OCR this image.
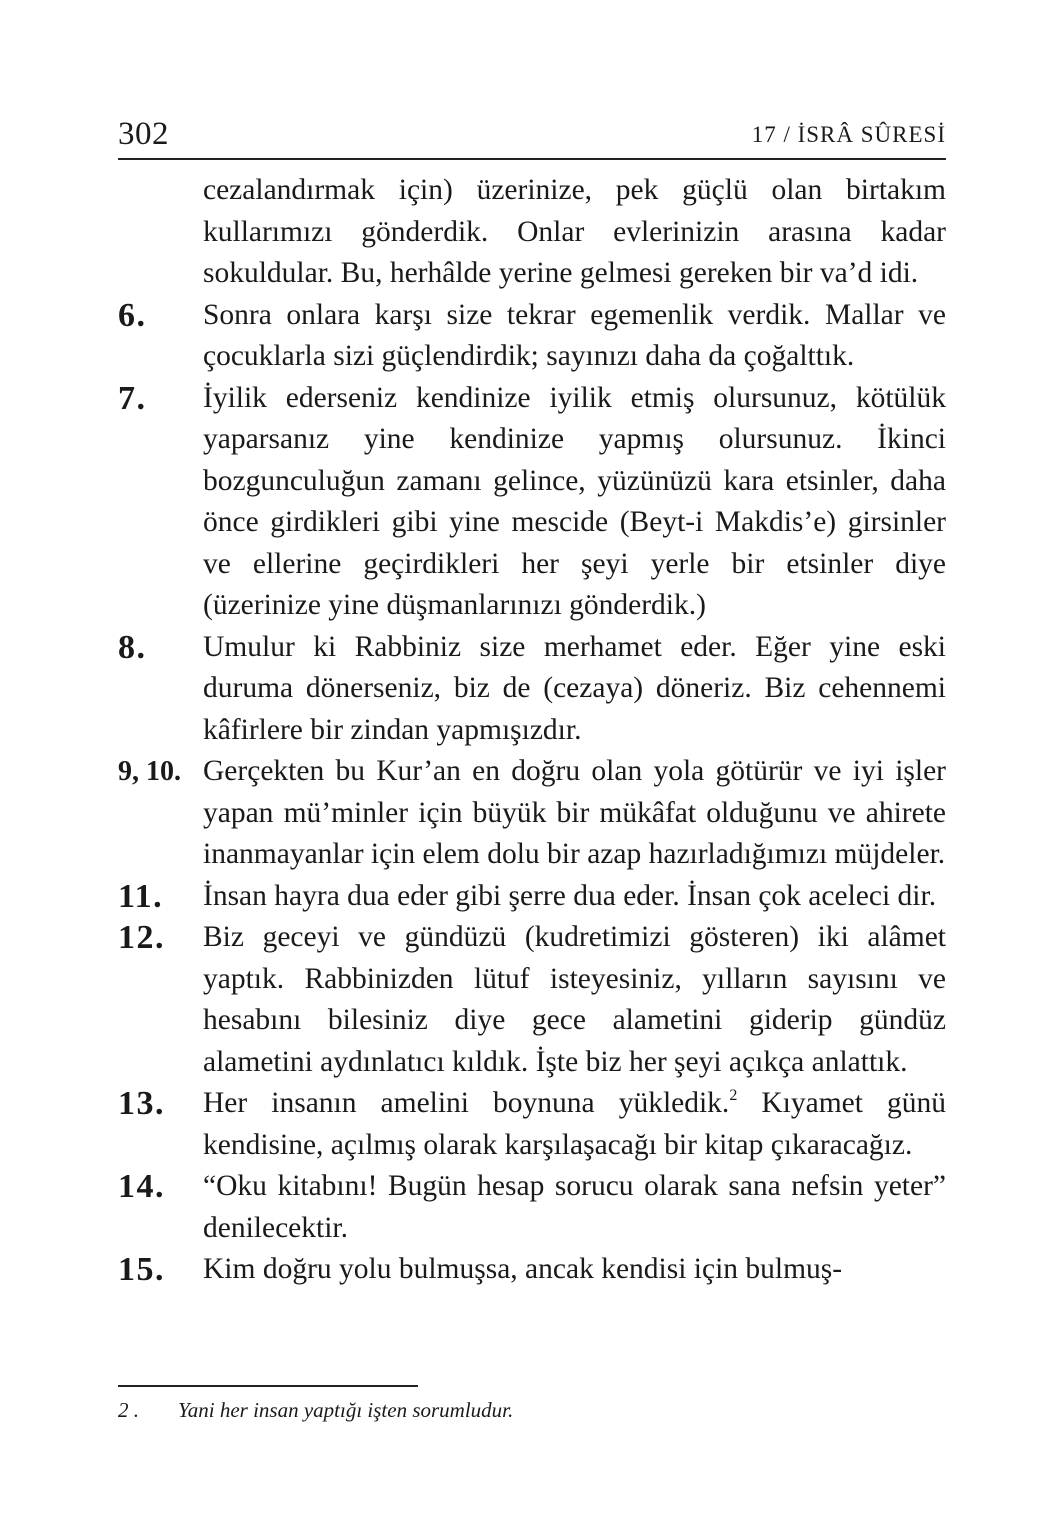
302	17 / İSRÂ SÛRESİ

cezalandırmak için) üzerinize, pek güçlü olan birtakım kullarımızı gönderdik. Onlar evlerinizin arasına kadar sokuldular. Bu, herhâlde yerine gelmesi gereken bir va’d idi.

6. Sonra onlara karşı size tekrar egemenlik verdik. Mallar ve çocuklarla sizi güçlendirdik; sayınızı daha da çoğalttık.

7. İyilik ederseniz kendinize iyilik etmiş olursunuz, kötülük yaparsanız yine kendinize yapmış olursunuz. İkinci bozgunculuğun zamanı gelince, yüzünüzü kara etsinler, daha önce girdikleri gibi yine mescide (Beyt-i Makdis’e) girsinler ve ellerine geçirdikleri her şeyi yerle bir etsinler diye (üzerinize yine düşmanlarınızı gönderdik.)

8. Umulur ki Rabbiniz size merhamet eder. Eğer yine eski duruma dönerseniz, biz de (cezaya) döneriz. Biz cehennemi kâfirlere bir zindan yapmışızdır.

9, 10. Gerçekten bu Kur’an en doğru olan yola götürür ve iyi işler yapan mü’minler için büyük bir mükâfat olduğunu ve ahirete inanmayanlar için elem dolu bir azap hazırladığımızı müjdeler.

11. İnsan hayra dua eder gibi şerre dua eder. İnsan çok aceleci dir.

12. Biz geceyi ve gündüzü (kudretimizi gösteren) iki alâmet yaptık. Rabbinizden lütuf isteyesiniz, yılların sayısını ve hesabını bilesiniz diye gece alametini giderip gündüz alametini aydınlatıcı kıldık. İşte biz her şeyi açıkça anlattık.

13. Her insanın amelini boynuna yükledik.$^2$ Kıyamet günü kendisine, açılmış olarak karşılaşacağı bir kitap çıkaracağız.

14. “Oku kitabını! Bugün hesap sorucu olarak sana nefsin yeter” denilecektir.

15. Kim doğru yolu bulmuşsa, ancak kendisi için bulmuş-

2 . Yani her insan yaptığı işten sorumludur.
